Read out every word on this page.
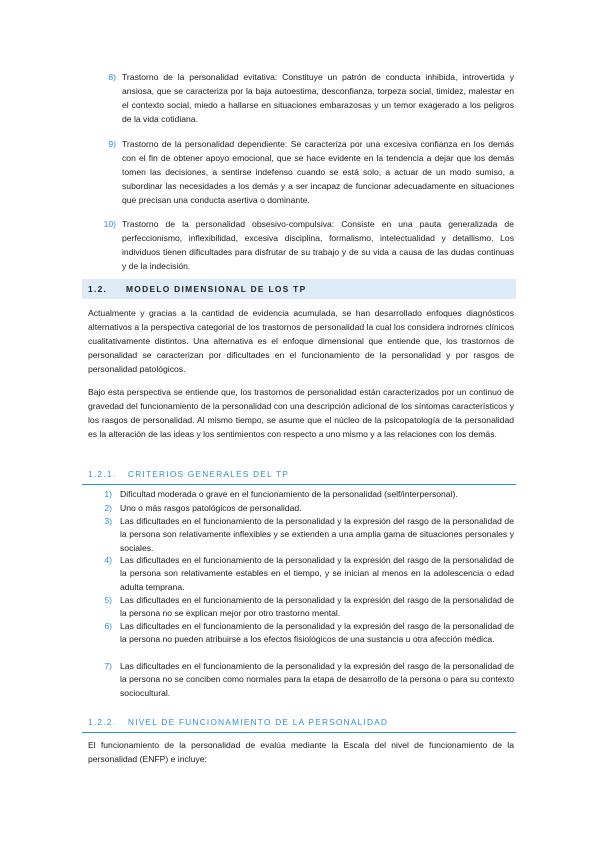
8) Trastorno de la personalidad evitativa: Constituye un patrón de conducta inhibida, introvertida y ansiosa, que se caracteriza por la baja autoestima, desconfianza, torpeza social, timidez, malestar en el contexto social, miedo a hallarse en situaciones embarazosas y un temor exagerado a los peligros de la vida cotidiana.
9) Trastorno de la personalidad dependiente: Se caracteriza por una excesiva confianza en los demás con el fin de obtener apoyo emocional, que se hace evidente en la tendencia a dejar que los demás tomen las decisiones, a sentirse indefenso cuando se está solo, a actuar de un modo sumiso, a subordinar las necesidades a los demás y a ser incapaz de funcionar adecuadamente en situaciones que precisan una conducta asertiva o dominante.
10) Trastorno de la personalidad obsesivo-compulsiva: Consiste en una pauta generalizada de perfeccionismo, inflexibilidad, excesiva disciplina, formalismo, intelectualidad y detallismo. Los individuos tienen dificultades para disfrutar de su trabajo y de su vida a causa de las dudas continuas y de la indecisión.
1.2. MODELO DIMENSIONAL DE LOS TP

Actualmente y gracias a la cantidad de evidencia acumulada, se han desarrollado enfoques diagnósticos alternativos a la perspectiva categorial de los trastornos de personalidad la cual los considera indrornes clínicos cualitativamente distintos. Una alternativa es el enfoque dimensional que entiende que, los trastornos de personalidad se caracterizan por dificultades en el funcionamiento de la personalidad y por rasgos de personalidad patológicos.

Bajo esta perspectiva se entiende que, los trastornos de personalidad están caracterizados por un continuo de gravedad del funcionamiento de la personalidad con una descripción adicional de los síntomas característicos y los rasgos de personalidad. Al mismo tiempo, se asume que el núcleo de la psicopatología de la personalidad es la alteración de las ideas y los sentimientos con respecto a uno mismo y a las relaciones con los demás.

1.2.1. CRITERIOS GENERALES DEL TP
1) Dificultad moderada o grave en el funcionamiento de la personalidad (self/interpersonal).
2) Uno o más rasgos patológicos de personalidad.
3) Las dificultades en el funcionamiento de la personalidad y la expresión del rasgo de la personalidad de la persona son relativamente inflexibles y se extienden a una amplia gama de situaciones personales y sociales.
4) Las dificultades en el funcionamiento de la personalidad y la expresión del rasgo de la personalidad de la persona son relativamente estables en el tiempo, y se inician al menos en la adolescencia o edad adulta temprana.
5) Las dificultades en el funcionamiento de la personalidad y la expresión del rasgo de la personalidad de la persona no se explican mejor por otro trastorno mental.
6) Las dificultades en el funcionamiento de la personalidad y la expresión del rasgo de la personalidad de la persona no pueden atribuirse a los efectos fisiológicos de una sustancia u otra afección médica.
7) Las dificultades en el funcionamiento de la personalidad y la expresión del rasgo de la personalidad de la persona no se conciben como normales para la etapa de desarrollo de la persona o para su contexto sociocultural.
1.2.2. NIVEL DE FUNCIONAMIENTO DE LA PERSONALIDAD

El funcionamiento de la personalidad de evalúa mediante la Escala del nivel de funcionamiento de la personalidad (ENFP) e incluye:
